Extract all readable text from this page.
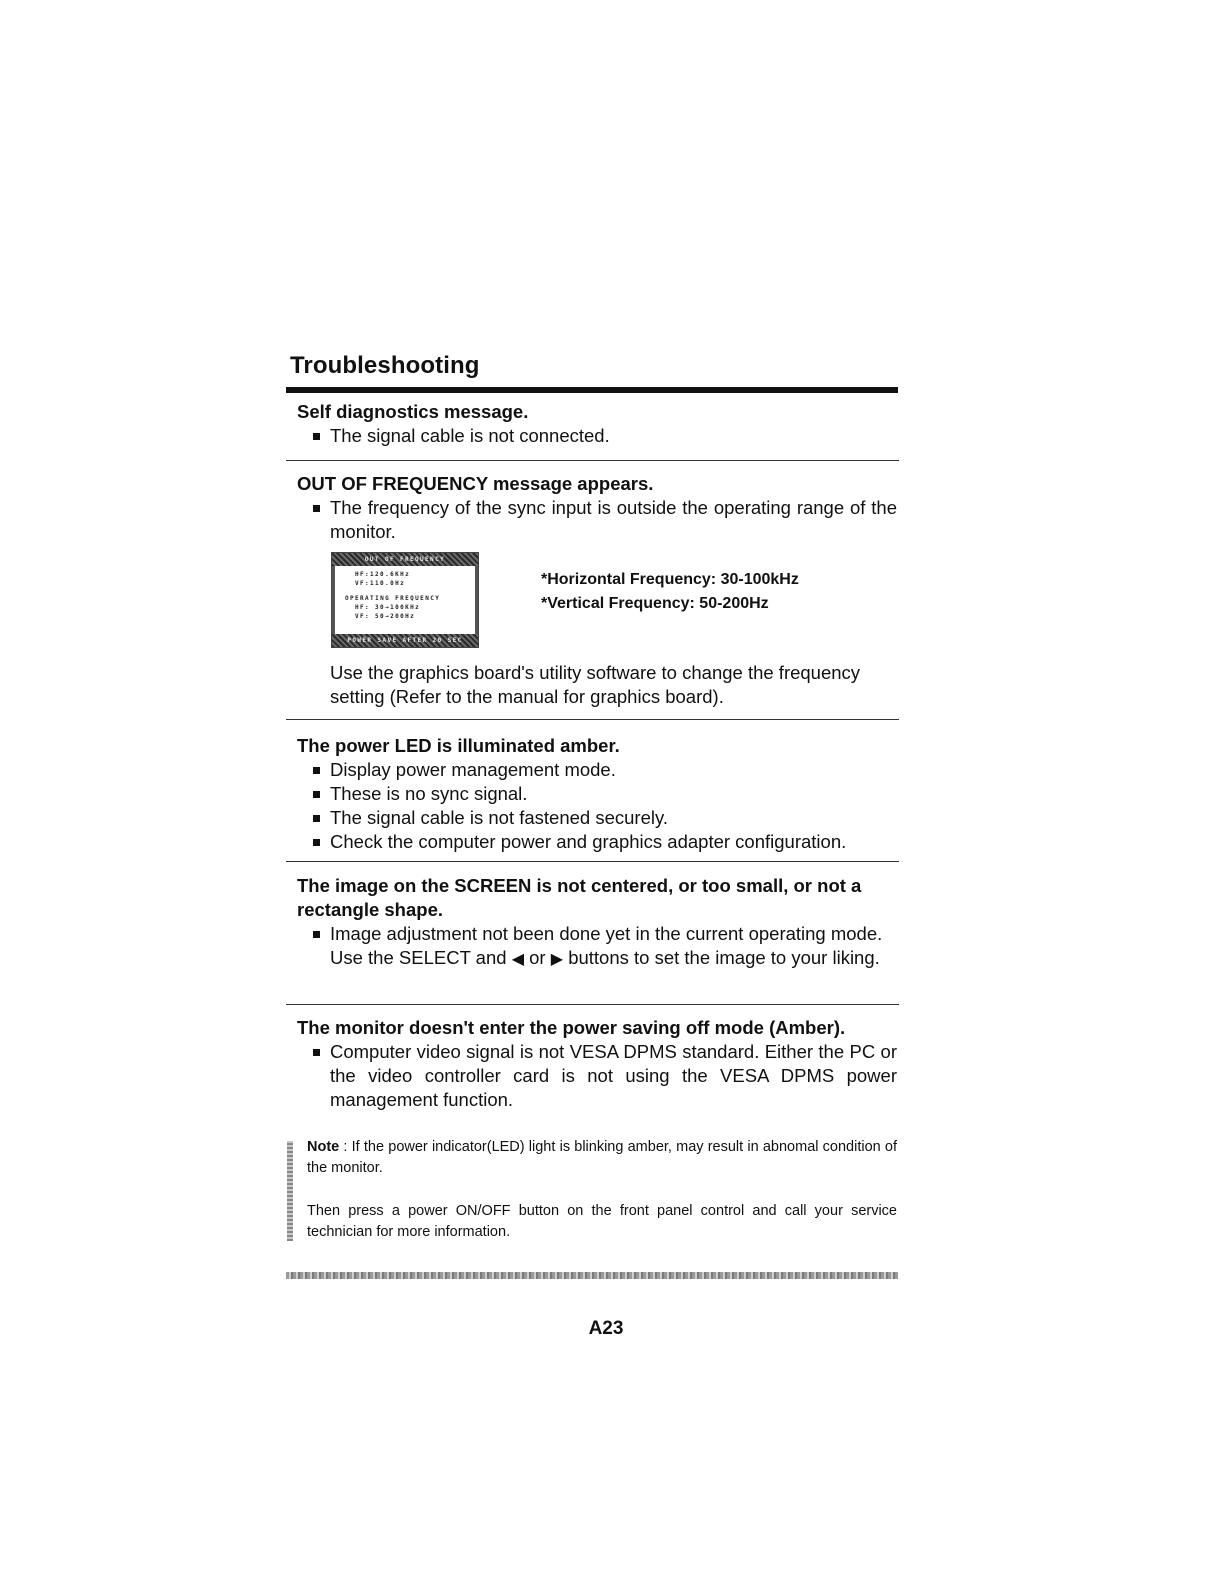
Troubleshooting

Self diagnostics message.

The signal cable is not connected.

OUT OF FREQUENCY message appears.

The frequency of the sync input is outside the operating range of the monitor.
OUT OF FREQUENCY
HF:120.6KHz
VF:110.0Hz
OPERATING FREQUENCY
HF: 30→100KHz
VF: 50→200Hz
POWER SAVE AFTER 20 SEC
*Horizontal Frequency: 30-100kHz
*Vertical Frequency: 50-200Hz

Use the graphics board's utility software to change the frequency setting (Refer to the manual for graphics board).

The power LED is illuminated amber.

Display power management mode.
These is no sync signal.
The signal cable is not fastened securely.
Check the computer power and graphics adapter configuration.

The image on the SCREEN is not centered, or too small, or not a rectangle shape.

Image adjustment not been done yet in the current operating mode. Use the SELECT and ◀ or ▶ buttons to set the image to your liking.

The monitor doesn't enter the power saving off mode (Amber).

Computer video signal is not VESA DPMS standard. Either the PC or the video controller card is not using the VESA DPMS power management function.

Note : If the power indicator(LED) light is blinking amber, may result in abnomal condition of the monitor.

Then press a power ON/OFF button on the front panel control and call your service technician for more information.

A23
